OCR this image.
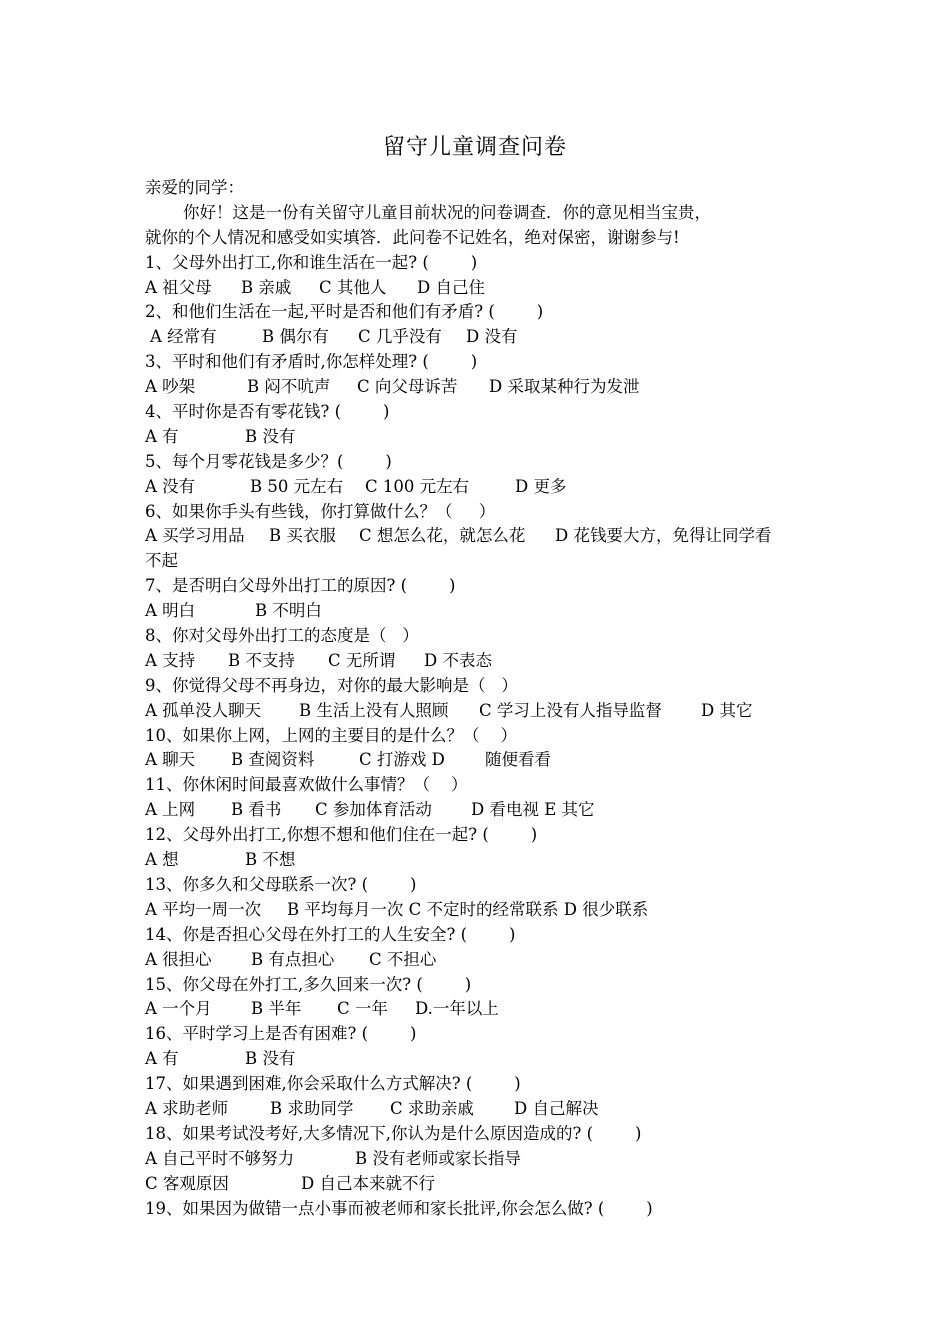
留守儿童调查问卷
亲爱的同学：
你好！这是一份有关留守儿童目前状况的问卷调查．你的意见相当宝贵，
就你的个人情况和感受如实填答．此问卷不记姓名，绝对保密，谢谢参与!
1、父母外出打工,你和谁生活在一起? (        )
A 祖父母	B 亲戚	C 其他人	D 自己住
2、和他们生活在一起,平时是否和他们有矛盾? (        )
A 经常有	B 偶尔有	C 几乎没有	D 没有
3、平时和他们有矛盾时,你怎样处理? (        )
A 吵架	B 闷不吭声	C 向父母诉苦	D 采取某种行为发泄
4、平时你是否有零花钱? (        )
A 有	B 没有
5、每个月零花钱是多少？(        )
A 没有	B 50 元左右	C 100 元左右	D 更多
6、如果你手头有些钱，你打算做什么？（     ）
A 买学习用品	B 买衣服	C 想怎么花，就怎么花	D 花钱要大方，免得让同学看
不起
7、是否明白父母外出打工的原因? (        )
A 明白	B 不明白
8、你对父母外出打工的态度是（   ）
A 支持	B 不支持	C 无所谓	D 不表态
9、你觉得父母不再身边，对你的最大影响是（   ）
A 孤单没人聊天	B 生活上没有人照顾	C 学习上没有人指导监督	D 其它
10、如果你上网，上网的主要目的是什么？（    ）
A 聊天	B 查阅资料	C 打游戏 D	随便看看
11、你休闲时间最喜欢做什么事情？（    ）
A 上网	B 看书	C 参加体育活动	D 看电视 E 其它
12、父母外出打工,你想不想和他们住在一起? (        )
A 想	B 不想
13、你多久和父母联系一次? (        )
A 平均一周一次	B 平均每月一次 C 不定时的经常联系 D 很少联系
14、你是否担心父母在外打工的人生安全? (        )
A 很担心	B 有点担心	C 不担心
15、你父母在外打工,多久回来一次? (        )
A 一个月	B 半年	C 一年	D.一年以上
16、平时学习上是否有困难? (        )
A 有	B 没有
17、如果遇到困难,你会采取什么方式解决? (        )
A 求助老师	B 求助同学	C 求助亲戚	D 自己解决
18、如果考试没考好,大多情况下,你认为是什么原因造成的? (        )
A 自己平时不够努力	B 没有老师或家长指导
C 客观原因	D 自己本来就不行
19、如果因为做错一点小事而被老师和家长批评,你会怎么做? (        )
